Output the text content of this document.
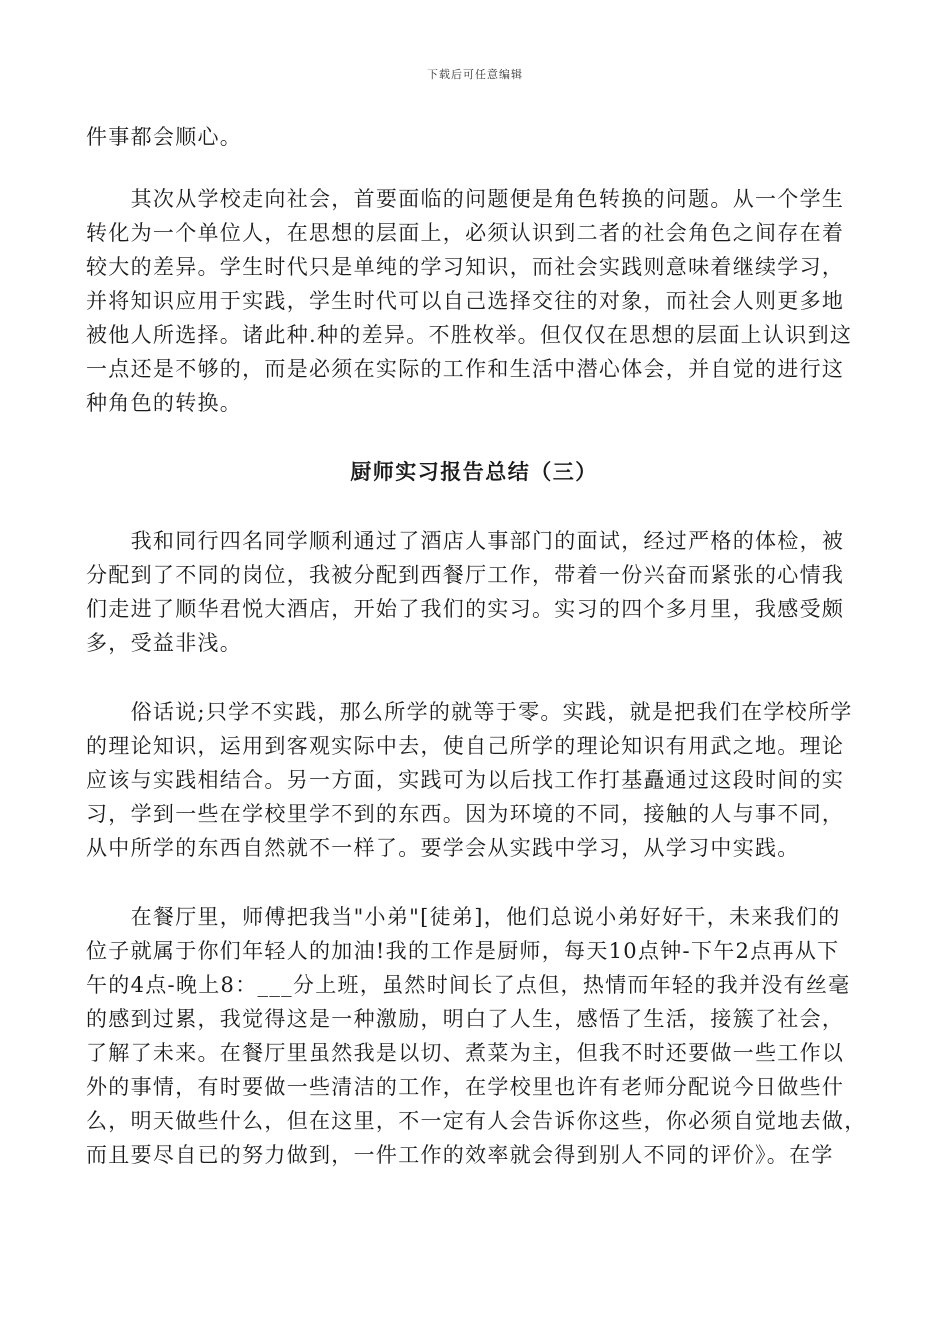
下载后可任意编辑

件事都会顺心。

　　其次从学校走向社会，首要面临的问题便是角色转换的问题。从一个学生
转化为一个单位人，在思想的层面上，必须认识到二者的社会角色之间存在着
较大的差异。学生时代只是单纯的学习知识，而社会实践则意味着继续学习，
并将知识应用于实践，学生时代可以自己选择交往的对象，而社会人则更多地
被他人所选择。诸此种.种的差异。不胜枚举。但仅仅在思想的层面上认识到这
一点还是不够的，而是必须在实际的工作和生活中潜心体会，并自觉的进行这
种角色的转换。

厨师实习报告总结（三）

　　我和同行四名同学顺利通过了酒店人事部门的面试，经过严格的体检，被
分配到了不同的岗位，我被分配到西餐厅工作，带着一份兴奋而紧张的心情我
们走进了顺华君悦大酒店，开始了我们的实习。实习的四个多月里，我感受颇
多，受益非浅。

　　俗话说;只学不实践，那么所学的就等于零。实践，就是把我们在学校所学
的理论知识，运用到客观实际中去，使自己所学的理论知识有用武之地。理论
应该与实践相结合。另一方面，实践可为以后找工作打基矗通过这段时间的实
习，学到一些在学校里学不到的东西。因为环境的不同，接触的人与事不同，
从中所学的东西自然就不一样了。要学会从实践中学习，从学习中实践。

　　在餐厅里，师傅把我当"小弟"[徒弟]，他们总说小弟好好干，未来我们的
位子就属于你们年轻人的加油!我的工作是厨师，每天10点钟-下午2点再从下
午的4点-晚上8：___分上班，虽然时间长了点但，热情而年轻的我并没有丝毫
的感到过累，我觉得这是一种激励，明白了人生，感悟了生活，接簇了社会，
了解了未来。在餐厅里虽然我是以切、煮菜为主，但我不时还要做一些工作以
外的事情，有时要做一些清洁的工作，在学校里也许有老师分配说今日做些什
么，明天做些什么，但在这里，不一定有人会告诉你这些，你必须自觉地去做，
而且要尽自已的努力做到，一件工作的效率就会得到别人不同的评价》。在学
